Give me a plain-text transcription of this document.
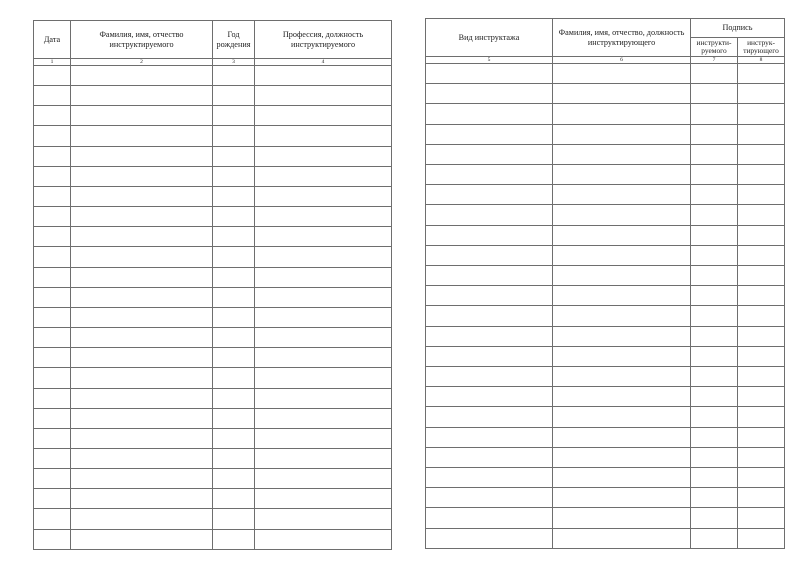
Дата	Фамилия, имя, отчество инструктируемого	Год рождения	Профессия, должность инструктируемого
1	2	3	4

Вид инструктажа	Фамилия, имя, отчество, должность инструктирующего	Подпись	
		инструкти-руемого	инструк-тирующего
5	6	7	8
